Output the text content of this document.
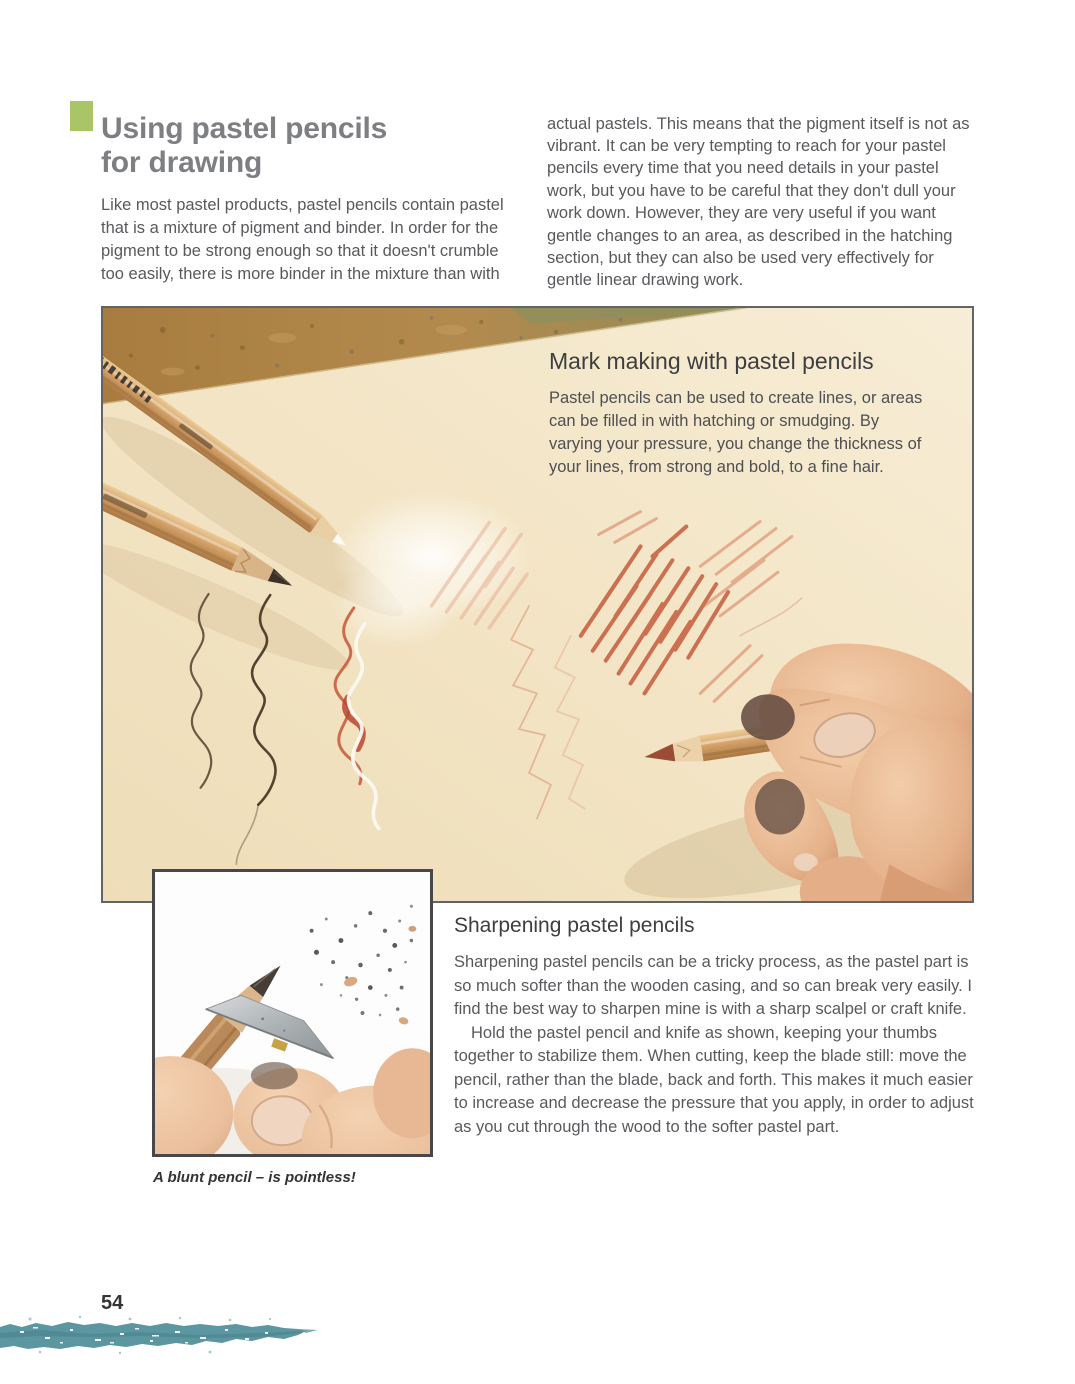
Using pastel pencils
for drawing

Like most pastel products, pastel pencils contain pastel that is a mixture of pigment and binder. In order for the pigment to be strong enough so that it doesn't crumble too easily, there is more binder in the mixture than with

actual pastels. This means that the pigment itself is not as vibrant. It can be very tempting to reach for your pastel pencils every time that you need details in your pastel work, but you have to be careful that they don't dull your work down. However, they are very useful if you want gentle changes to an area, as described in the hatching section, but they can also be used very effectively for gentle linear drawing work.

Mark making with pastel pencils

Pastel pencils can be used to create lines, or areas can be filled in with hatching or smudging. By varying your pressure, you change the thickness of your lines, from strong and bold, to a fine hair.

A blunt pencil – is pointless!
Sharpening pastel pencils

Sharpening pastel pencils can be a tricky process, as the pastel part is so much softer than the wooden casing, and so can break very easily. I find the best way to sharpen mine is with a sharp scalpel or craft knife.

Hold the pastel pencil and knife as shown, keeping your thumbs together to stabilize them. When cutting, keep the blade still: move the pencil, rather than the blade, back and forth. This makes it much easier to increase and decrease the pressure that you apply, in order to adjust as you cut through the wood to the softer pastel part.

54
